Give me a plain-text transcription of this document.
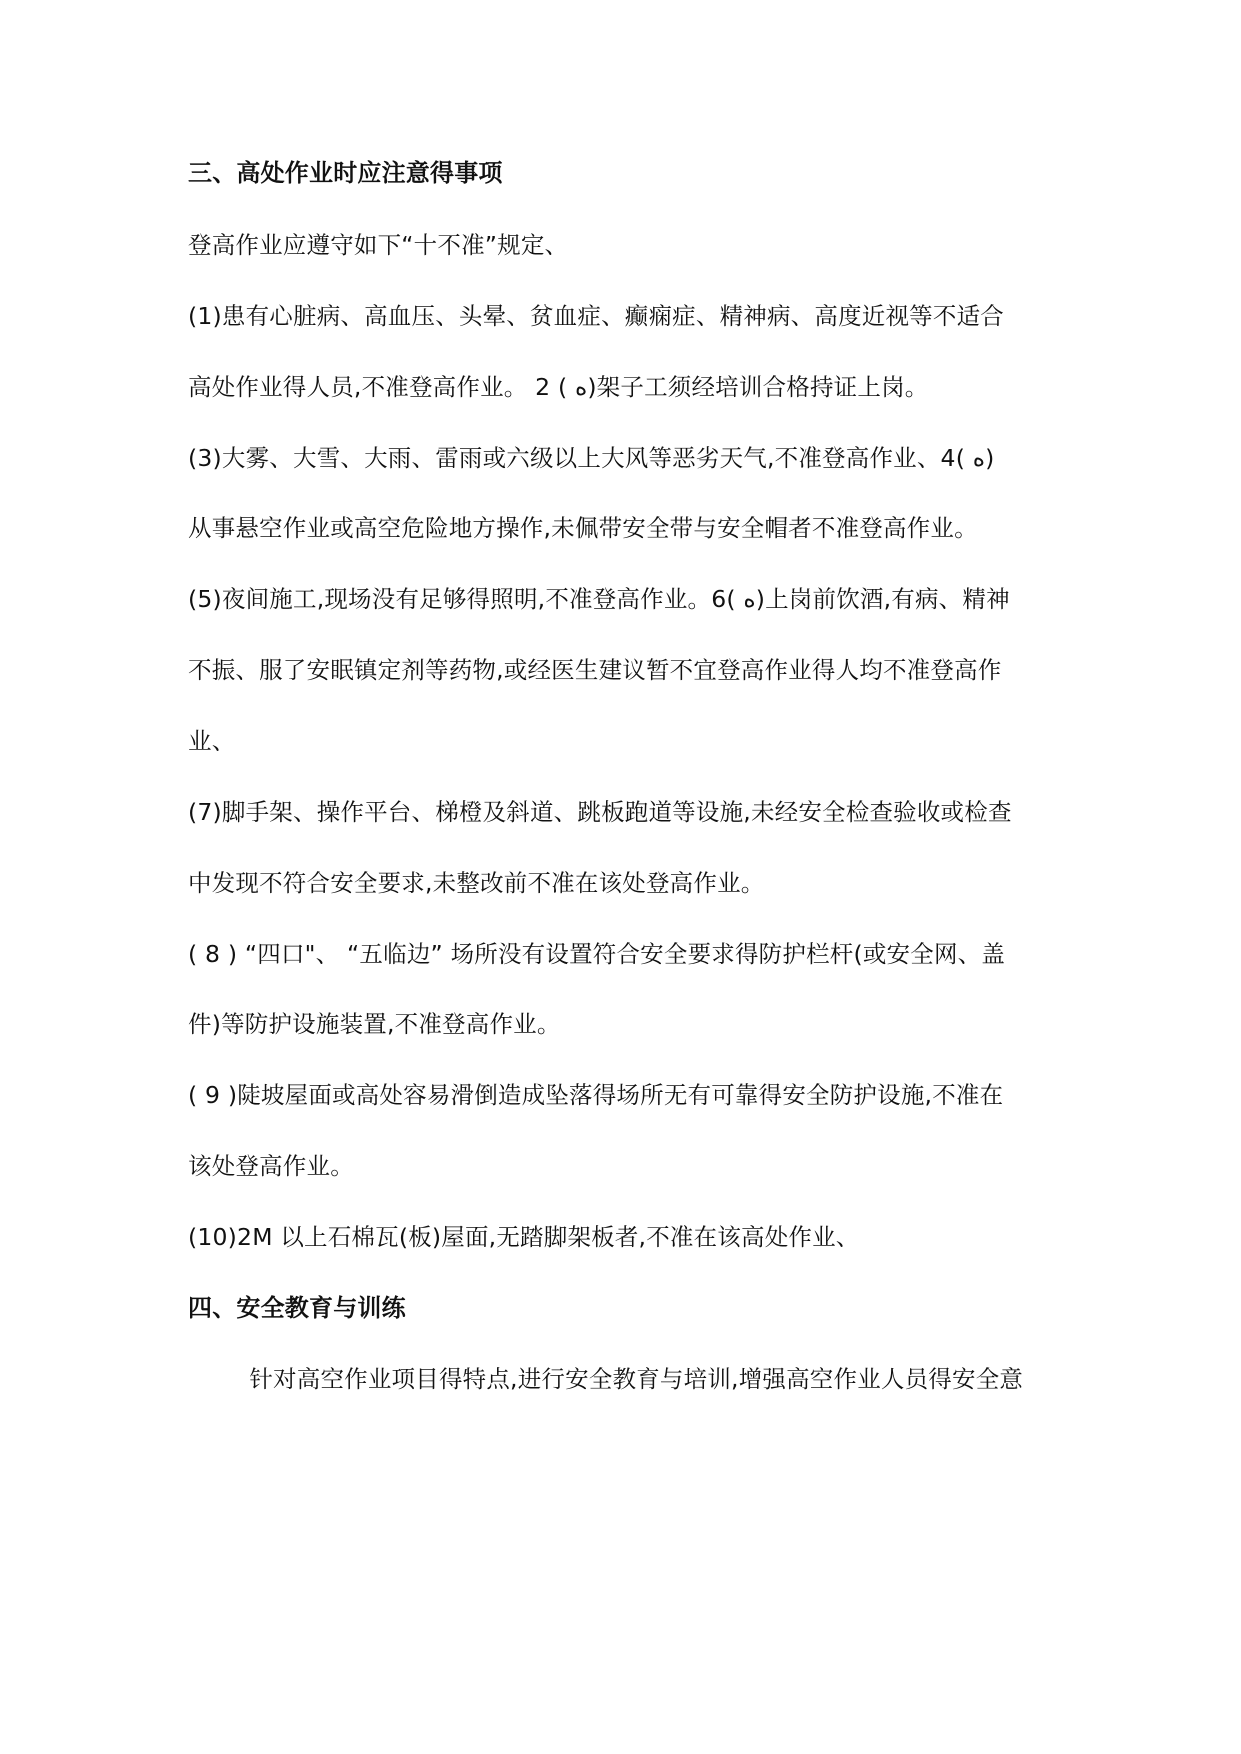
三、高处作业时应注意得事项
登高作业应遵守如下“十不准”规定、
(1)患有心脏病、高血压、头晕、贫血症、癫痫症、精神病、高度近视等不适合
高处作业得人员,不准登高作业。 2 ( ﻩ)架子工须经培训合格持证上岗。
(3)大雾、大雪、大雨、雷雨或六级以上大风等恶劣天气,不准登高作业、4( ﻩ)
从事悬空作业或高空危险地方操作,未佩带安全带与安全帽者不准登高作业。
(5)夜间施工,现场没有足够得照明,不准登高作业。6( ﻩ)上岗前饮酒,有病、精神
不振、服了安眠镇定剂等药物,或经医生建议暂不宜登高作业得人均不准登高作
业、
(7)脚手架、操作平台、梯橙及斜道、跳板跑道等设施,未经安全检查验收或检查
中发现不符合安全要求,未整改前不准在该处登高作业。
( 8 ) “四口"、 “五临边” 场所没有设置符合安全要求得防护栏杆(或安全网、盖
件)等防护设施装置,不准登高作业。
( 9 )陡坡屋面或高处容易滑倒造成坠落得场所无有可靠得安全防护设施,不准在
该处登高作业。
(10)2M 以上石棉瓦(板)屋面,无踏脚架板者,不准在该高处作业、
四、安全教育与训练
针对高空作业项目得特点,进行安全教育与培训,增强高空作业人员得安全意
